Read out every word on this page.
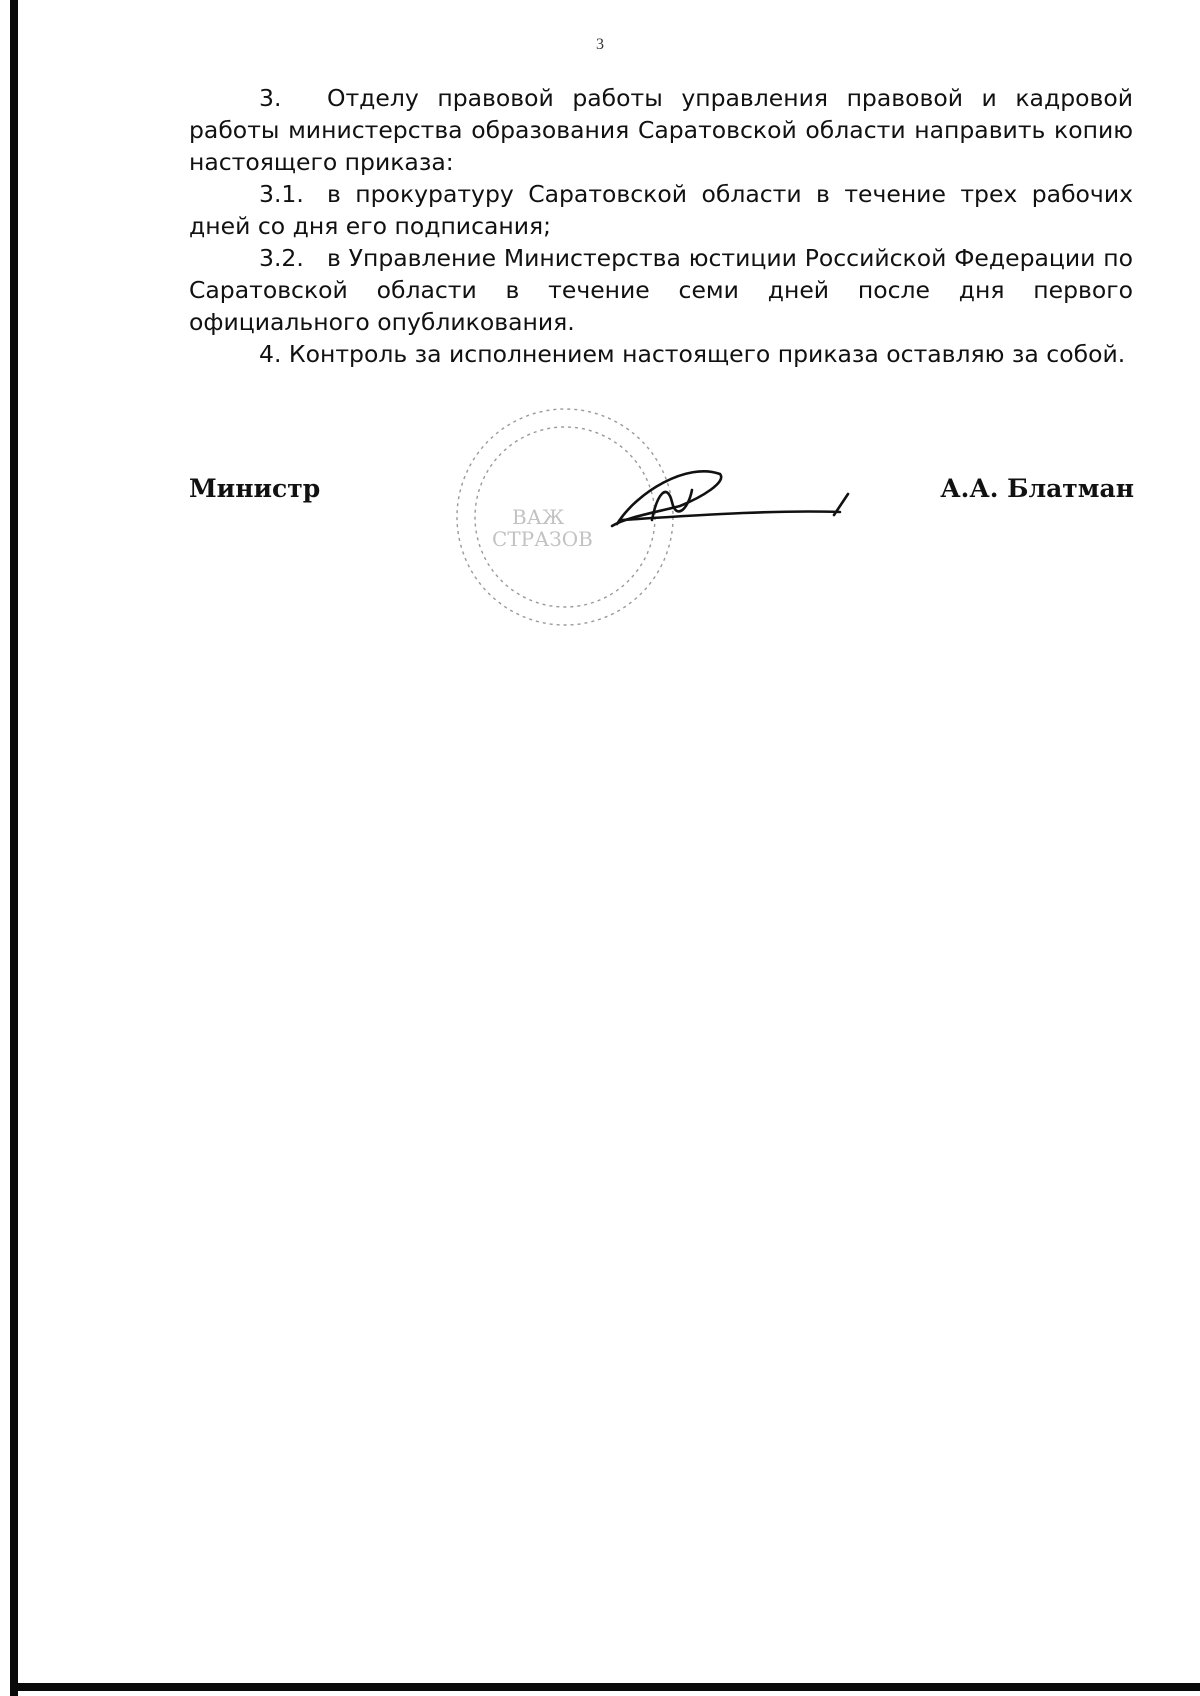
3

3. Отделу правовой работы управления правовой и кадровой работы министерства образования Саратовской области направить копию настоящего приказа:

3.1. в прокуратуру Саратовской области в течение трех рабочих дней со дня его подписания;

3.2. в Управление Министерства юстиции Российской Федерации по Саратовской области в течение семи дней после дня первого официального опубликования.

4. Контроль за исполнением настоящего приказа оставляю за собой.

Министр	А.А. Блатман
ВАЖ
СТРАЗОВ
